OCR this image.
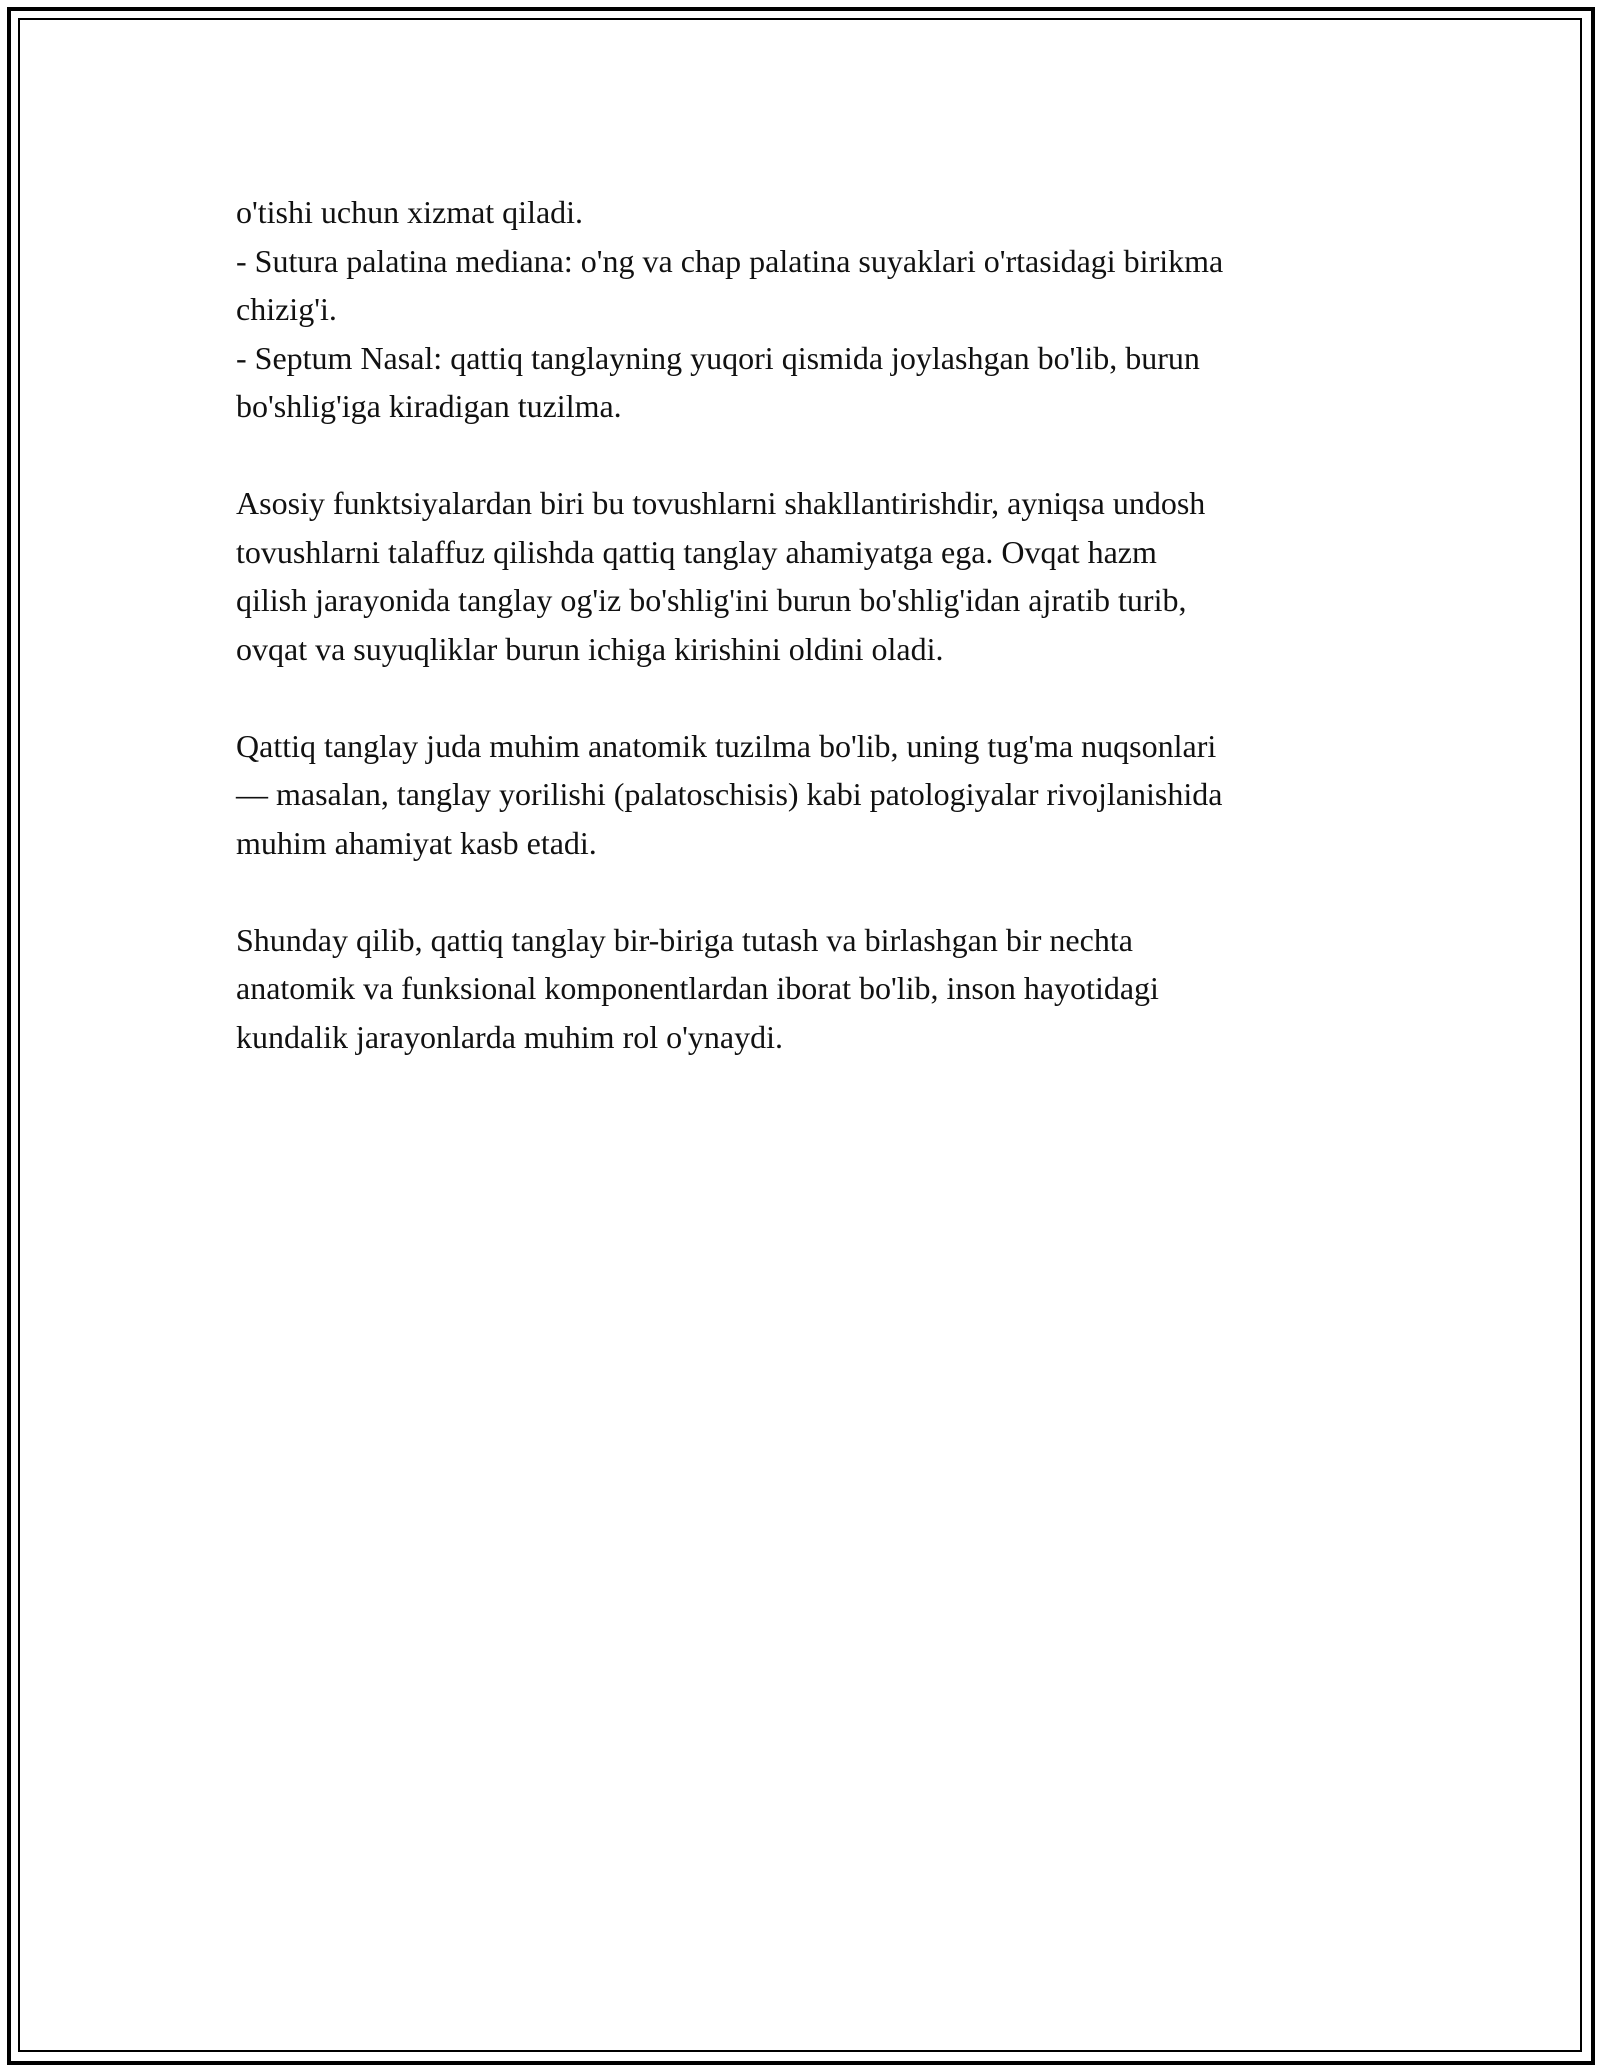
o'tishi uchun xizmat qiladi.
- Sutura palatina mediana: o'ng va chap palatina suyaklari o'rtasidagi birikma
chizig'i.
- Septum Nasal: qattiq tanglayning yuqori qismida joylashgan bo'lib, burun
bo'shlig'iga kiradigan tuzilma.
Asosiy funktsiyalardan biri bu tovushlarni shakllantirishdir, ayniqsa undosh
tovushlarni talaffuz qilishda qattiq tanglay ahamiyatga ega. Ovqat hazm
qilish jarayonida tanglay og'iz bo'shlig'ini burun bo'shlig'idan ajratib turib,
ovqat va suyuqliklar burun ichiga kirishini oldini oladi.
Qattiq tanglay juda muhim anatomik tuzilma bo'lib, uning tug'ma nuqsonlari
— masalan, tanglay yorilishi (palatoschisis) kabi patologiyalar rivojlanishida
muhim ahamiyat kasb etadi.
Shunday qilib, qattiq tanglay bir-biriga tutash va birlashgan bir nechta
anatomik va funksional komponentlardan iborat bo'lib, inson hayotidagi
kundalik jarayonlarda muhim rol o'ynaydi.
